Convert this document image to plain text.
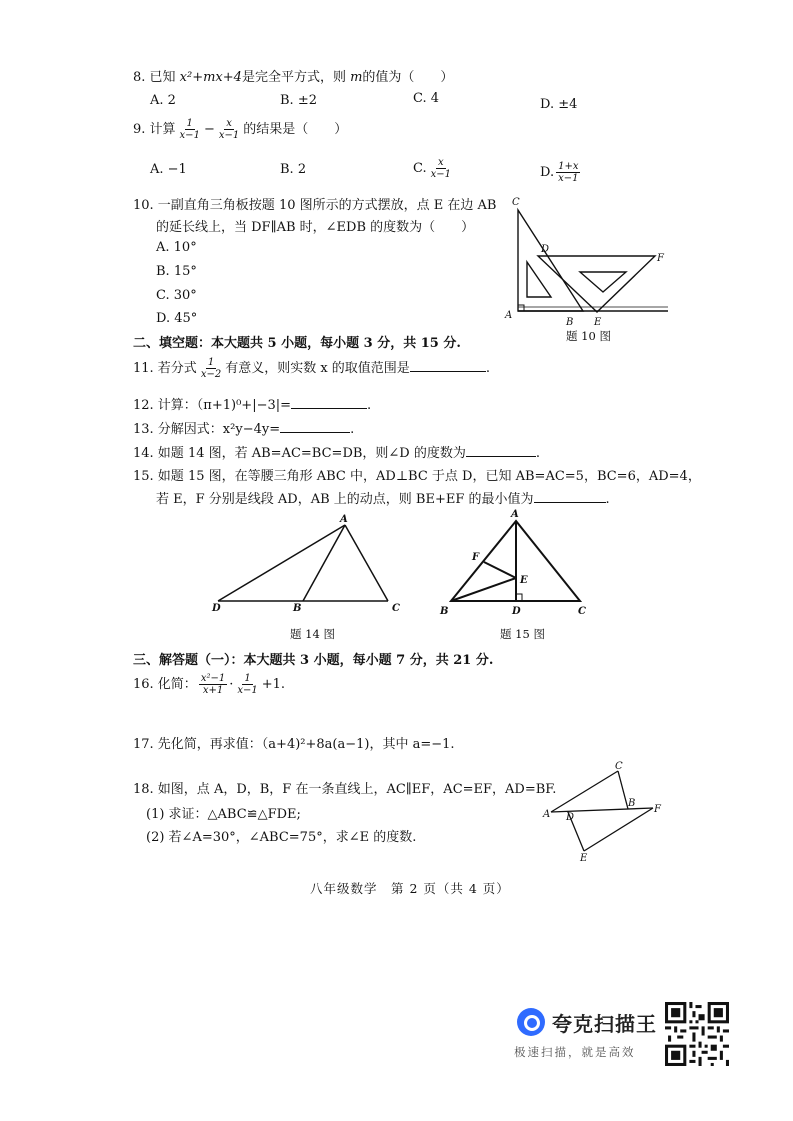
8. 已知 x²+mx+4是完全平方式，则 m的值为（　　）
A. 2	B. ±2	C. 4	D. ±4
9. 计算 $\frac{1}{x-1} - \frac{x}{x-1}$ 的结果是（　　）
A. −1	B. 2	C. $\frac{x}{x-1}$	D. $\frac{1+x}{x-1}$
10. 一副直角三角板按题 10 图所示的方式摆放，点 E 在边 AB
的延长线上，当 DF∥AB 时，∠EDB 的度数为（　　）
A. 10°
B. 15°
C. 30°
D. 45°
C
D
F
A
B E
题 10 图
二、填空题：本大题共 5 小题，每小题 3 分，共 15 分.
11. 若分式 $\frac{1}{x-2}$ 有意义，则实数 x 的取值范围是	.
12. 计算：（π+1)⁰+|−3|=	.
13. 分解因式：x²y−4y=	.
14. 如题 14 图，若 AB=AC=BC=DB，则∠D 的度数为	.
15. 如题 15 图，在等腰三角形 ABC 中，AD⊥BC 于点 D，已知 AB=AC=5，BC=6，AD=4，
若 E，F 分别是线段 AD，AB 上的动点，则 BE+EF 的最小值为	.
A
D	B	C
题 14 图
A
F
E
B	D	C
题 15 图
三、解答题（一）：本大题共 3 小题，每小题 7 分，共 21 分.
16. 化简： $\frac{\text{x²−1}}{x+1} \cdot \frac{1}{x-1} +1$.
17. 先化简，再求值：（a+4)²+8a(a−1)，其中 a=−1.
18. 如图，点 A，D，B，F 在一条直线上，AC∥EF，AC=EF，AD=BF.
(1) 求证：△ABC≌△FDE;
(2) 若∠A=30°，∠ABC=75°，求∠E 的度数.
C
A D
B
F
E
八年级数学　第 2 页（共 4 页）
夸克扫描王
极速扫描，就是高效
